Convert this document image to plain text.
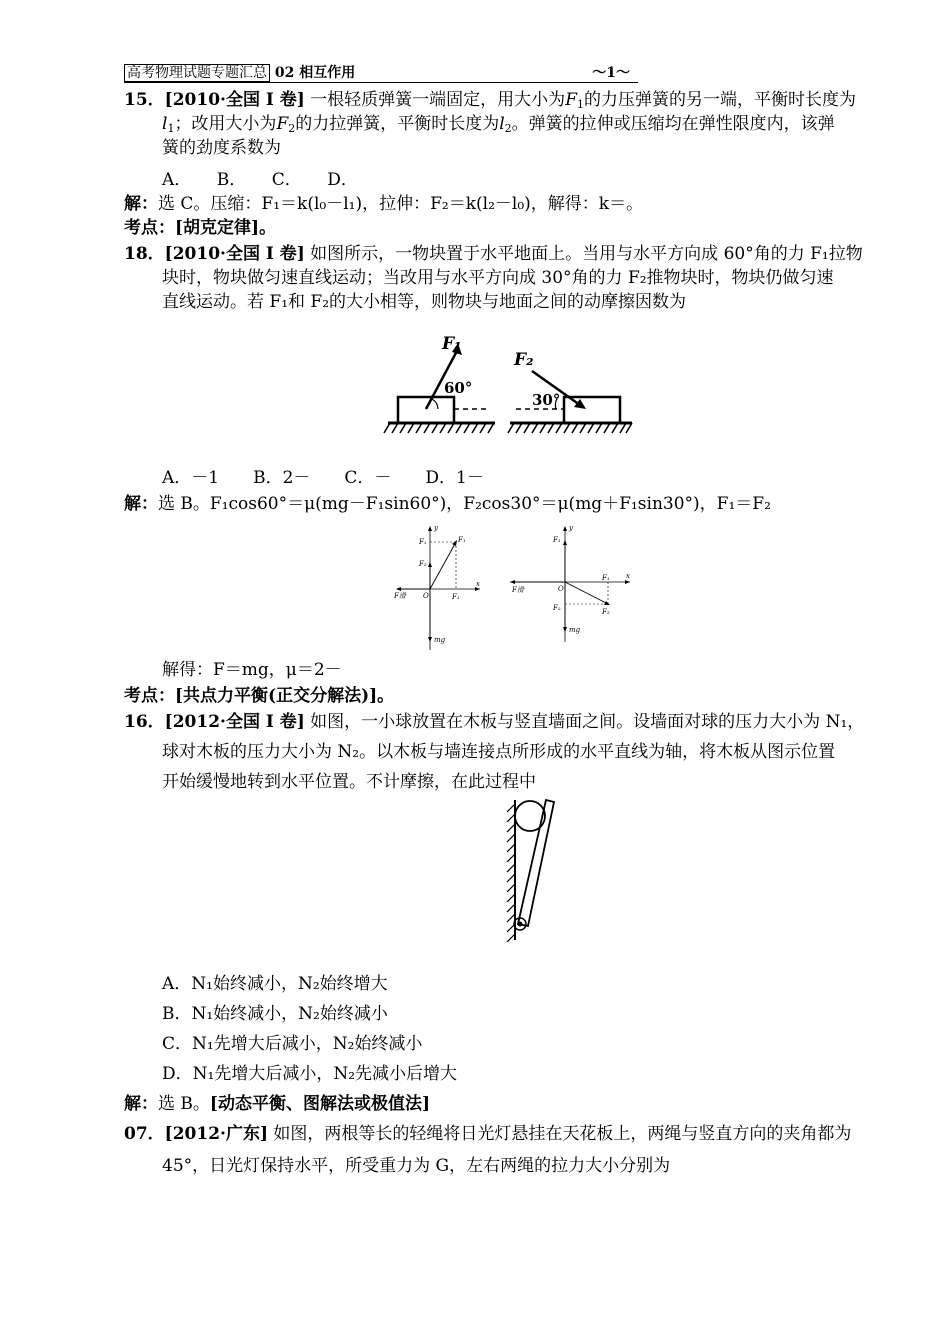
高考物理试题专题汇总 02 相互作用	～1～
15．[2010·全国 I 卷] 一根轻质弹簧一端固定，用大小为$F_1$的力压弹簧的另一端，平衡时长度为
$l_1$；改用大小为$F_2$的力拉弹簧，平衡时长度为$l_2$。弹簧的拉伸或压缩均在弹性限度内，该弹
簧的劲度系数为
A．　　B．　　C．　　D．
解：选 C。压缩：F₁＝k(l₀－l₁)，拉伸：F₂＝k(l₂－l₀)，解得：k＝。
考点：[胡克定律]。
18．[2010·全国 I 卷] 如图所示，一物块置于水平地面上。当用与水平方向成 60°角的力 F₁拉物
块时，物块做匀速直线运动；当改用与水平方向成 30°角的力 F₂推物块时，物块仍做匀速
直线运动。若 F₁和 F₂的大小相等，则物块与地面之间的动摩擦因数为
F₁
60°
F₂
30°
A．－1　　B．2－　　C．－　　D．1－
解：选 B。F₁cos60°＝μ(mg－F₁sin60°)，F₂cos30°＝μ(mg＋F₁sin30°)，F₁＝F₂
y
x
O
F₁
F₁
F₂
F₁
F滑
mg
y
x
O
F₁
F₂
F₁
F₂
F滑
mg
解得：F＝mg，μ＝2－
考点：[共点力平衡(正交分解法)]。
16．[2012·全国 I 卷] 如图，一小球放置在木板与竖直墙面之间。设墙面对球的压力大小为 N₁，
球对木板的压力大小为 N₂。以木板与墙连接点所形成的水平直线为轴，将木板从图示位置
开始缓慢地转到水平位置。不计摩擦，在此过程中
A．N₁始终减小，N₂始终增大
B．N₁始终减小，N₂始终减小
C．N₁先增大后减小，N₂始终减小
D．N₁先增大后减小，N₂先减小后增大
解：选 B。[动态平衡、图解法或极值法]
07．[2012·广东] 如图，两根等长的轻绳将日光灯悬挂在天花板上，两绳与竖直方向的夹角都为
45°，日光灯保持水平，所受重力为 G，左右两绳的拉力大小分别为
